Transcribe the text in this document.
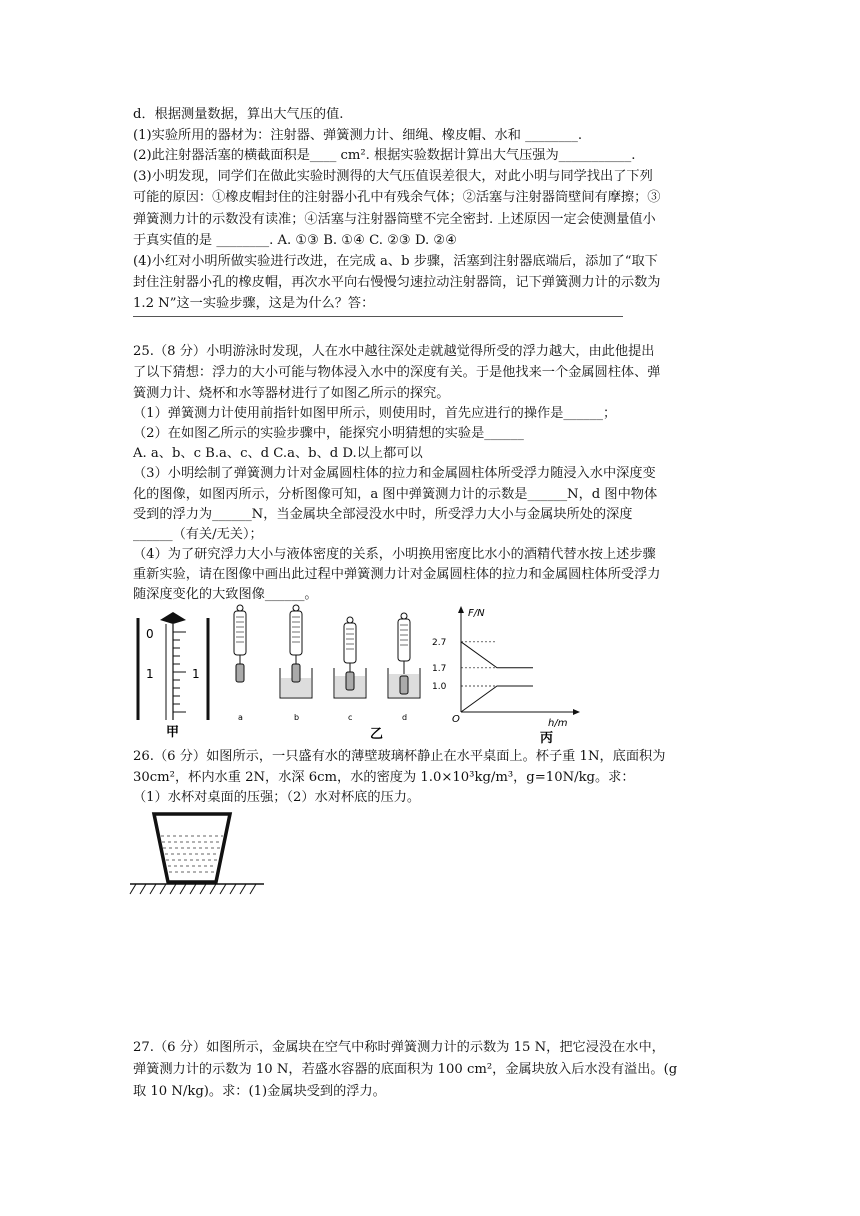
d．根据测量数据，算出大气压的值.
(1)实验所用的器材为：注射器、弹簧测力计、细绳、橡皮帽、水和 ________.
(2)此注射器活塞的横截面积是____ cm². 根据实验数据计算出大气压强为___________.
(3)小明发现，同学们在做此实验时测得的大气压值误差很大，对此小明与同学找出了下列
可能的原因：①橡皮帽封住的注射器小孔中有残余气体；②活塞与注射器筒壁间有摩擦；③
弹簧测力计的示数没有读准；④活塞与注射器筒壁不完全密封. 上述原因一定会使测量值小
于真实值的是 ________. A. ①③ B. ①④ C. ②③ D. ②④
(4)小红对小明所做实验进行改进，在完成 a、b 步骤，活塞到注射器底端后，添加了“取下
封住注射器小孔的橡皮帽，再次水平向右慢慢匀速拉动注射器筒，记下弹簧测力计的示数为
1.2 N”这一实验步骤，这是为什么？答：
25.（8 分）小明游泳时发现，人在水中越往深处走就越觉得所受的浮力越大，由此他提出
了以下猜想：浮力的大小可能与物体浸入水中的深度有关。于是他找来一个金属圆柱体、弹
簧测力计、烧杯和水等器材进行了如图乙所示的探究。
（1）弹簧测力计使用前指针如图甲所示，则使用时，首先应进行的操作是______；
（2）在如图乙所示的实验步骤中，能探究小明猜想的实验是______
A. a、b、c B.a、c、d C.a、b、d D.以上都可以
（3）小明绘制了弹簧测力计对金属圆柱体的拉力和金属圆柱体所受浮力随浸入水中深度变
化的图像，如图丙所示，分析图像可知，a 图中弹簧测力计的示数是______N，d 图中物体
受到的浮力为______N，当金属块全部浸没水中时，所受浮力大小与金属块所处的深度
______（有关/无关）；
（4）为了研究浮力大小与液体密度的关系，小明换用密度比水小的酒精代替水按上述步骤
重新实验，请在图像中画出此过程中弹簧测力计对金属圆柱体的拉力和金属圆柱体所受浮力
随深度变化的大致图像______。
0
1	1
甲
a	b	c	d
乙
F/N
h/m
O
2.7
1.7
1.0
丙
26.（6 分）如图所示，一只盛有水的薄壁玻璃杯静止在水平桌面上。杯子重 1N，底面积为
30cm²，杯内水重 2N，水深 6cm，水的密度为 1.0×10³kg/m³，g=10N/kg。求：
（1）水杯对桌面的压强；（2）水对杯底的压力。
27.（6 分）如图所示，金属块在空气中称时弹簧测力计的示数为 15 N，把它浸没在水中，
弹簧测力计的示数为 10 N，若盛水容器的底面积为 100 cm²，金属块放入后水没有溢出。(g
取 10 N/kg)。求：(1)金属块受到的浮力。
